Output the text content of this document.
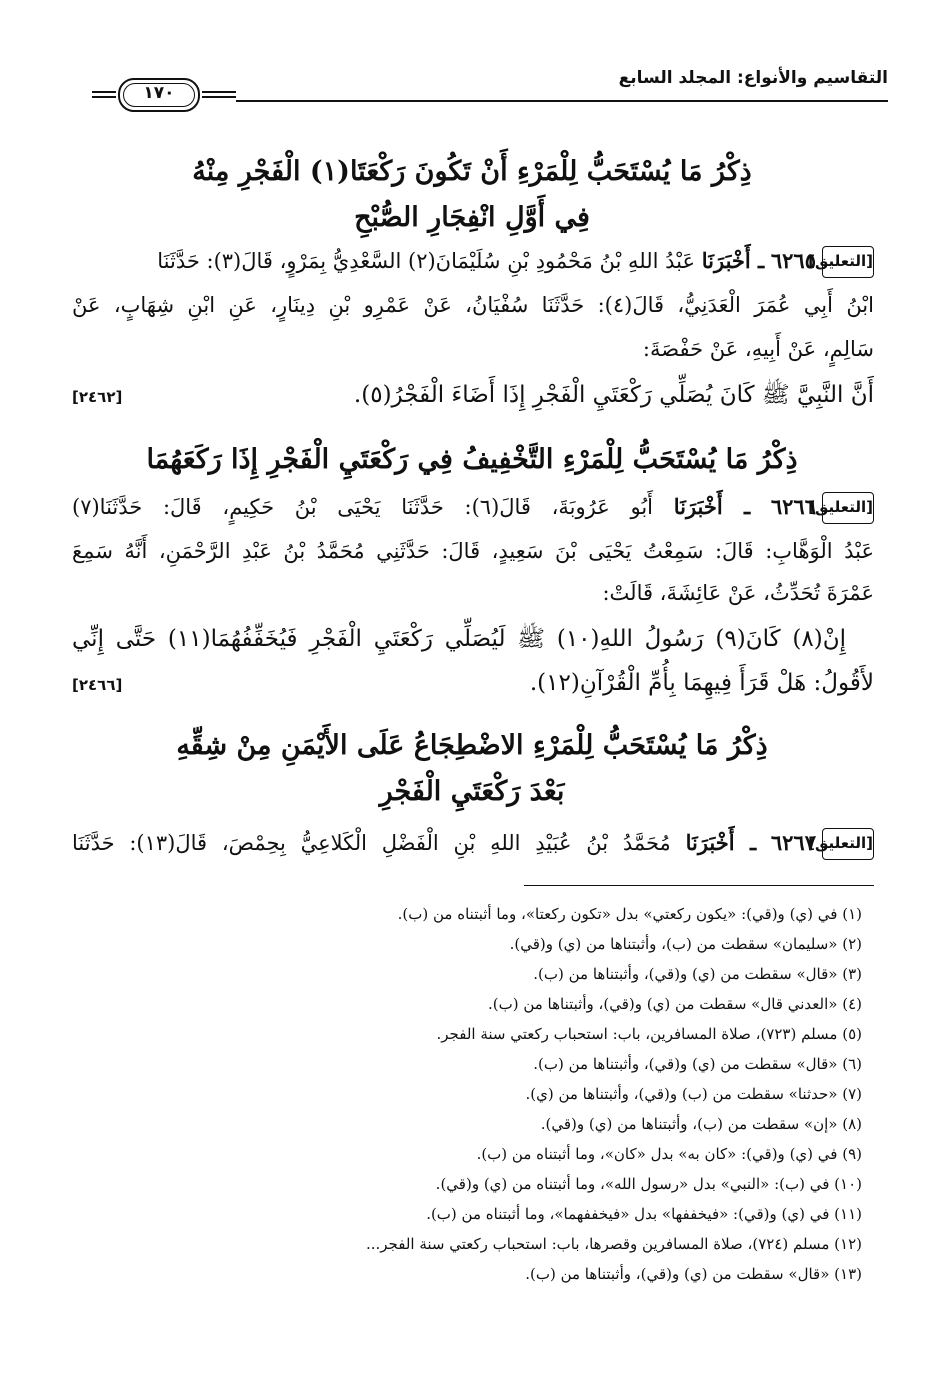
التقاسيم والأنواع: المجلد السابع
١٧٠
ذِكْرُ مَا يُسْتَحَبُّ لِلْمَرْءِ أَنْ تَكُونَ رَكْعَتَا(١) الْفَجْرِ مِنْهُ
فِي أَوَّلِ انْفِجَارِ الصُّبْحِ
[التعليق]
٦٢٦٥ ـ أَخْبَرَنَا عَبْدُ اللهِ بْنُ مَحْمُودِ بْنِ سُلَيْمَانَ(٢) السَّعْدِيُّ بِمَرْوٍ، قَالَ(٣): حَدَّثَنَا
ابْنُ أَبِي عُمَرَ الْعَدَنِيُّ، قَالَ(٤): حَدَّثَنَا سُفْيَانُ، عَنْ عَمْرِو بْنِ دِينَارٍ، عَنِ ابْنِ شِهَابٍ، عَنْ
سَالِمٍ، عَنْ أَبِيهِ، عَنْ حَفْصَةَ:
أَنَّ النَّبِيَّ ﷺ كَانَ يُصَلِّي رَكْعَتَيِ الْفَجْرِ إِذَا أَضَاءَ الْفَجْرُ(٥).
[٢٤٦٢]
ذِكْرُ مَا يُسْتَحَبُّ لِلْمَرْءِ التَّخْفِيفُ فِي رَكْعَتَيِ الْفَجْرِ إِذَا رَكَعَهُمَا
[التعليق]
٦٢٦٦ ـ أَخْبَرَنَا أَبُو عَرُوبَةَ، قَالَ(٦): حَدَّثَنَا يَحْيَى بْنُ حَكِيمٍ، قَالَ: حَدَّثَنَا(٧)
عَبْدُ الْوَهَّابِ: قَالَ: سَمِعْتُ يَحْيَى بْنَ سَعِيدٍ، قَالَ: حَدَّثَنِي مُحَمَّدُ بْنُ عَبْدِ الرَّحْمَنِ، أَنَّهُ سَمِعَ
عَمْرَةَ تُحَدِّثُ، عَنْ عَائِشَةَ، قَالَتْ:
إِنْ(٨) كَانَ(٩) رَسُولُ اللهِ(١٠) ﷺ لَيُصَلِّي رَكْعَتَيِ الْفَجْرِ فَيُخَفِّفُهُمَا(١١) حَتَّى إِنِّي
لأَقُولُ: هَلْ قَرَأَ فِيهِمَا بِأُمِّ الْقُرْآنِ(١٢).
[٢٤٦٦]
ذِكْرُ مَا يُسْتَحَبُّ لِلْمَرْءِ الاضْطِجَاعُ عَلَى الأَيْمَنِ مِنْ شِقِّهِ
بَعْدَ رَكْعَتَيِ الْفَجْرِ
[التعليق]
٦٢٦٧ ـ أَخْبَرَنَا مُحَمَّدُ بْنُ عُبَيْدِ اللهِ بْنِ الْفَضْلِ الْكَلاعِيُّ بِحِمْصَ، قَالَ(١٣): حَدَّثَنَا
(١) في (ي) و(قي): «يكون ركعتي» بدل «تكون ركعتا»، وما أثبتناه من (ب).
(٢) «سليمان» سقطت من (ب)، وأثبتناها من (ي) و(قي).
(٣) «قال» سقطت من (ي) و(قي)، وأثبتناها من (ب).
(٤) «العدني قال» سقطت من (ي) و(قي)، وأثبتناها من (ب).
(٥) مسلم (٧٢٣)، صلاة المسافرين، باب: استحباب ركعتي سنة الفجر.
(٦) «قال» سقطت من (ي) و(قي)، وأثبتناها من (ب).
(٧) «حدثنا» سقطت من (ب) و(قي)، وأثبتناها من (ي).
(٨) «إن» سقطت من (ب)، وأثبتناها من (ي) و(قي).
(٩) في (ي) و(قي): «كان به» بدل «كان»، وما أثبتناه من (ب).
(١٠) في (ب): «النبي» بدل «رسول الله»، وما أثبتناه من (ي) و(قي).
(١١) في (ي) و(قي): «فيخففها» بدل «فيخففهما»، وما أثبتناه من (ب).
(١٢) مسلم (٧٢٤)، صلاة المسافرين وقصرها، باب: استحباب ركعتي سنة الفجر...
(١٣) «قال» سقطت من (ي) و(قي)، وأثبتناها من (ب).
